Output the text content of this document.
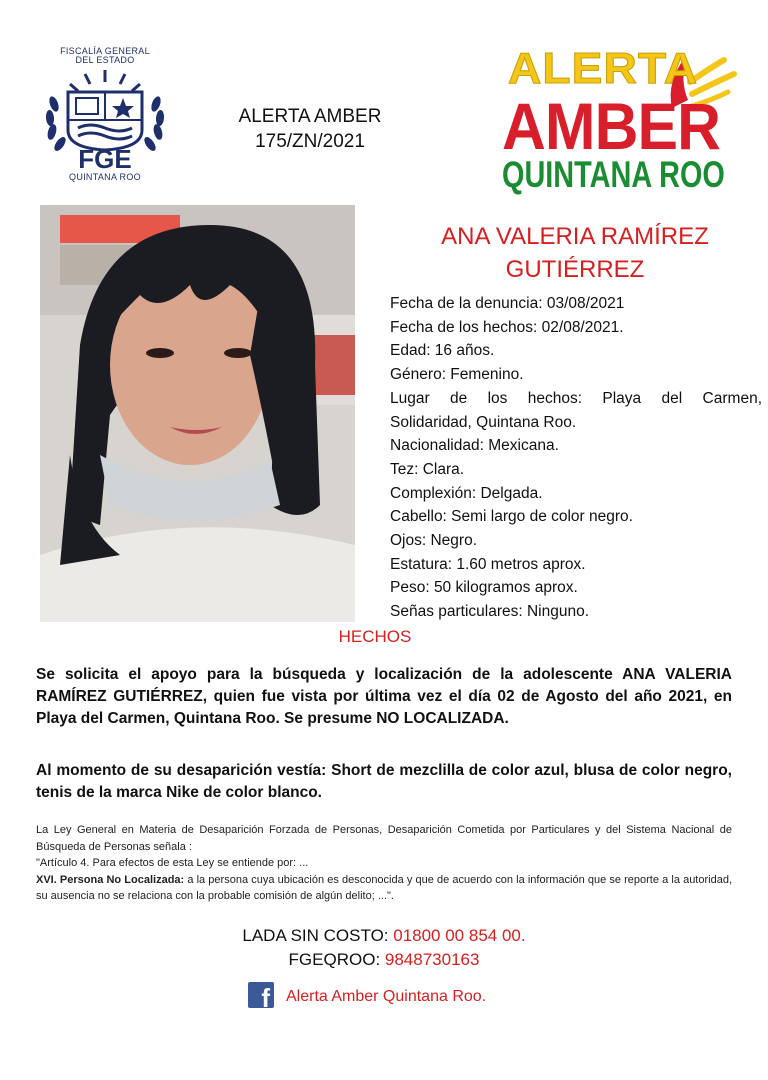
FISCALÍA GENERAL
DEL ESTADO
FGE
QUINTANA ROO
ALERTA AMBER
175/ZN/2021
ALERTA
AMBER
QUINTANA ROO
ANA VALERIA RAMÍREZ
GUTIÉRREZ
Fecha de la denuncia: 03/08/2021
Fecha de los hechos: 02/08/2021.
Edad: 16 años.
Género: Femenino.
Lugar de los hechos: Playa del Carmen,
Solidaridad, Quintana Roo.
Nacionalidad: Mexicana.
Tez: Clara.
Complexión: Delgada.
Cabello: Semi largo de color negro.
Ojos: Negro.
Estatura: 1.60 metros aprox.
Peso: 50 kilogramos aprox.
Señas particulares: Ninguno.
HECHOS
Se solicita el apoyo para la búsqueda y localización de la adolescente ANA VALERIA RAMÍREZ GUTIÉRREZ, quien fue vista por última vez el día 02 de Agosto del año 2021, en Playa del Carmen, Quintana Roo. Se presume NO LOCALIZADA.
Al momento de su desaparición vestía: Short de mezclilla de color azul, blusa de color negro, tenis de la marca Nike de color blanco.
La Ley General en Materia de Desaparición Forzada de Personas, Desaparición Cometida por Particulares y del Sistema Nacional de Búsqueda de Personas señala :
"Artículo 4. Para efectos de esta Ley se entiende por: ...
XVI. Persona No Localizada: a la persona cuya ubicación es desconocida y que de acuerdo con la información que se reporte a la autoridad, su ausencia no se relaciona con la probable comisión de algún delito; ...".
LADA SIN COSTO: 01800 00 854 00.
FGEQROO: 9848730163
f Alerta Amber Quintana Roo.
